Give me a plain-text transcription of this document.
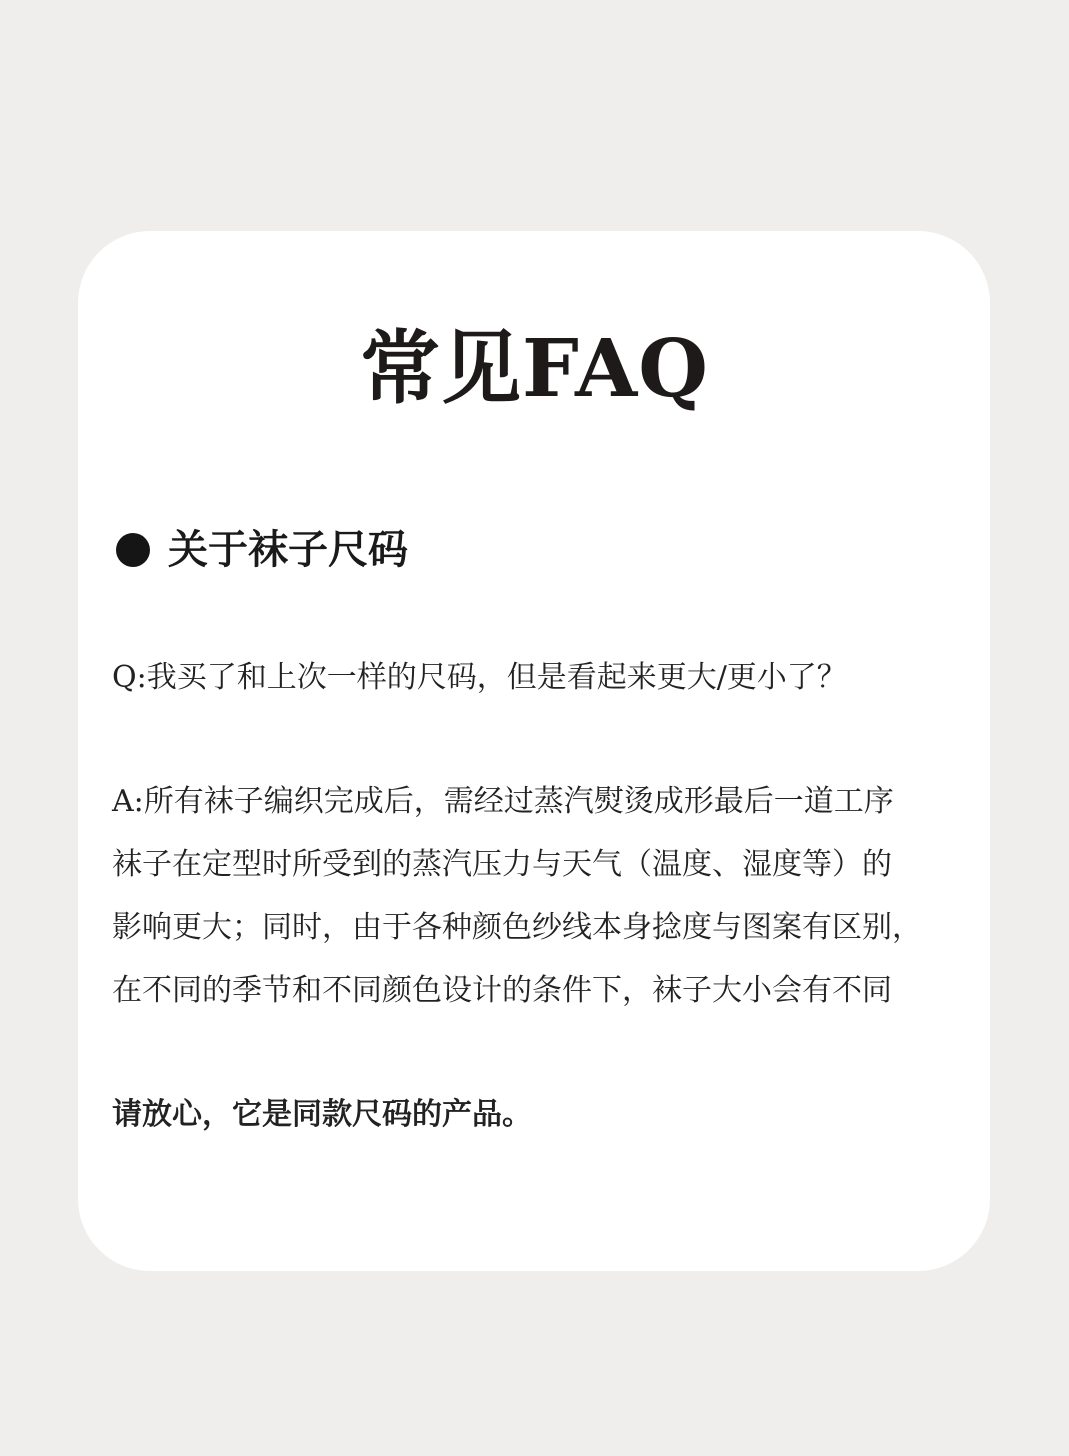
常见FAQ
关于袜子尺码
Q:我买了和上次一样的尺码，但是看起来更大/更小了？
A:所有袜子编织完成后，需经过蒸汽熨烫成形最后一道工序
袜子在定型时所受到的蒸汽压力与天气（温度、湿度等）的
影响更大；同时，由于各种颜色纱线本身捻度与图案有区别，
在不同的季节和不同颜色设计的条件下，袜子大小会有不同
请放心，它是同款尺码的产品。
